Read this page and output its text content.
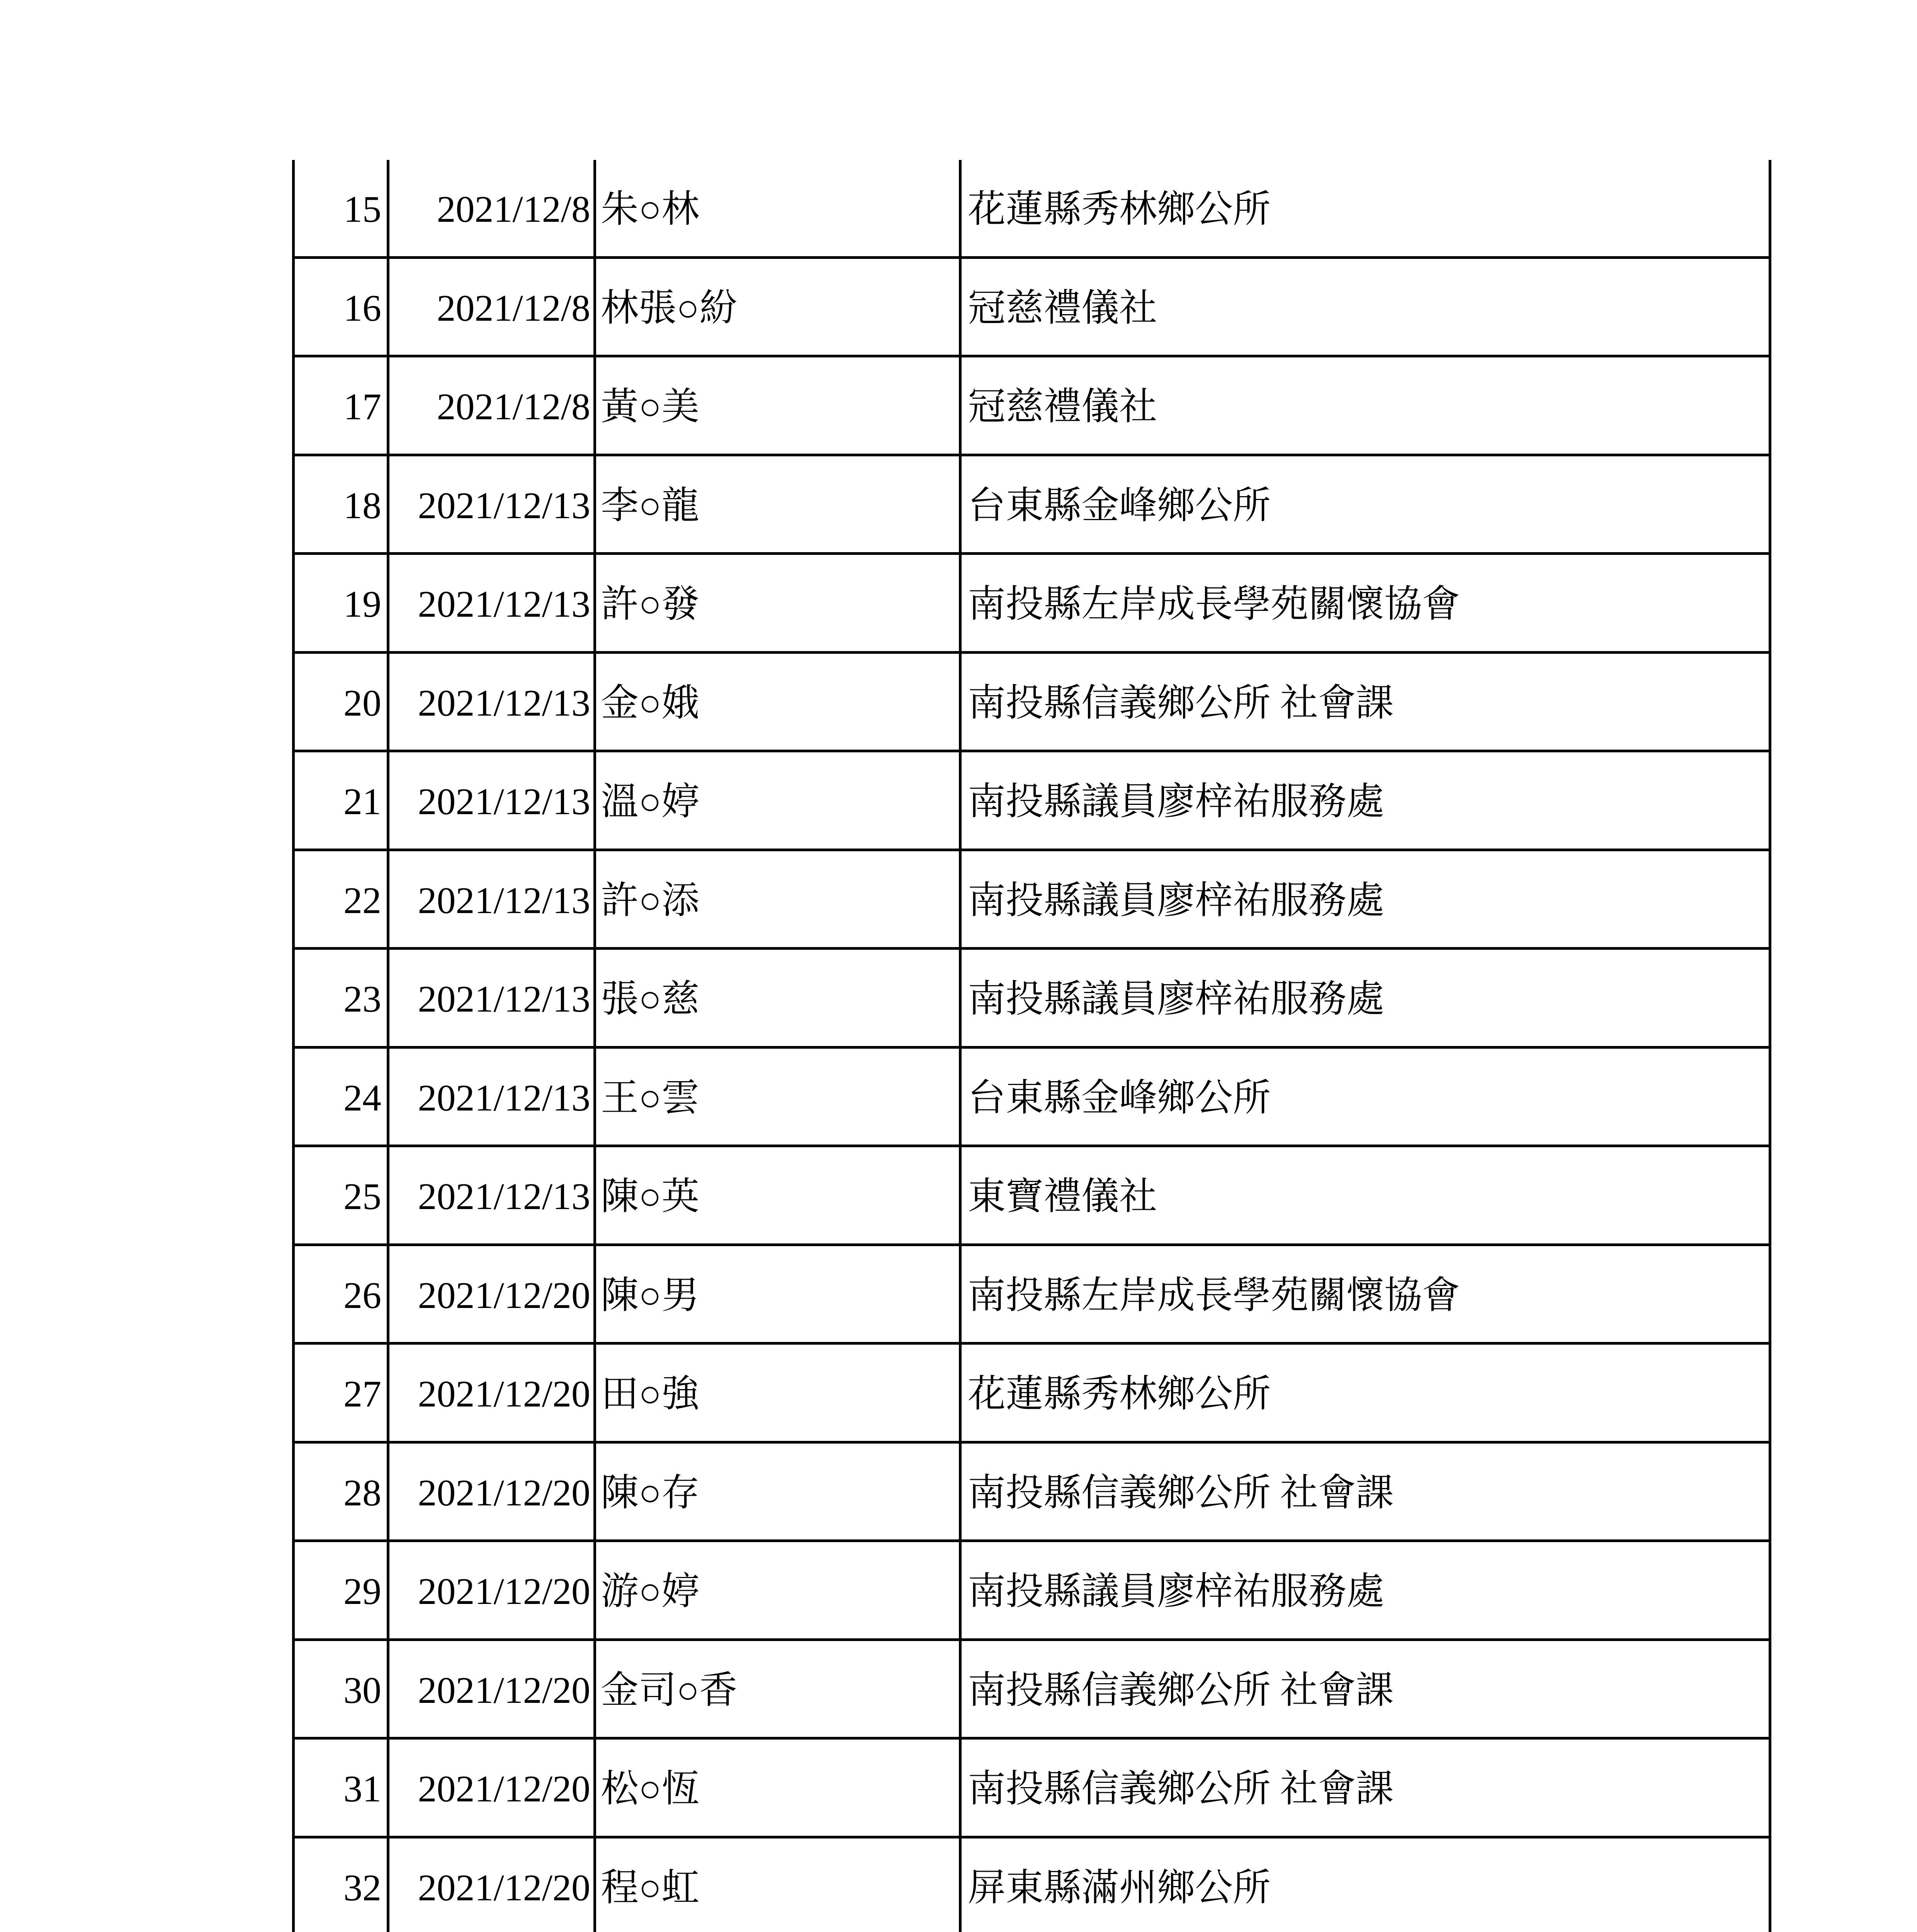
15	2021/12/8 朱○林	花蓮縣秀林鄉公所
16	2021/12/8 林張○紛	冠慈禮儀社
17	2021/12/8 黃○美	冠慈禮儀社
18 2021/12/13 李○龍	台東縣金峰鄉公所
19 2021/12/13 許○發	南投縣左岸成長學苑關懷協會
20 2021/12/13 金○娥	南投縣信義鄉公所 社會課
21 2021/12/13 溫○婷	南投縣議員廖梓祐服務處
22 2021/12/13 許○添	南投縣議員廖梓祐服務處
23 2021/12/13 張○慈	南投縣議員廖梓祐服務處
24 2021/12/13 王○雲	台東縣金峰鄉公所
25 2021/12/13 陳○英	東寶禮儀社
26 2021/12/20 陳○男	南投縣左岸成長學苑關懷協會
27 2021/12/20 田○強	花蓮縣秀林鄉公所
28 2021/12/20 陳○存	南投縣信義鄉公所 社會課
29 2021/12/20 游○婷	南投縣議員廖梓祐服務處
30 2021/12/20 金司○香	南投縣信義鄉公所 社會課
31 2021/12/20 松○恆	南投縣信義鄉公所 社會課
32 2021/12/20 程○虹	屏東縣滿州鄉公所
